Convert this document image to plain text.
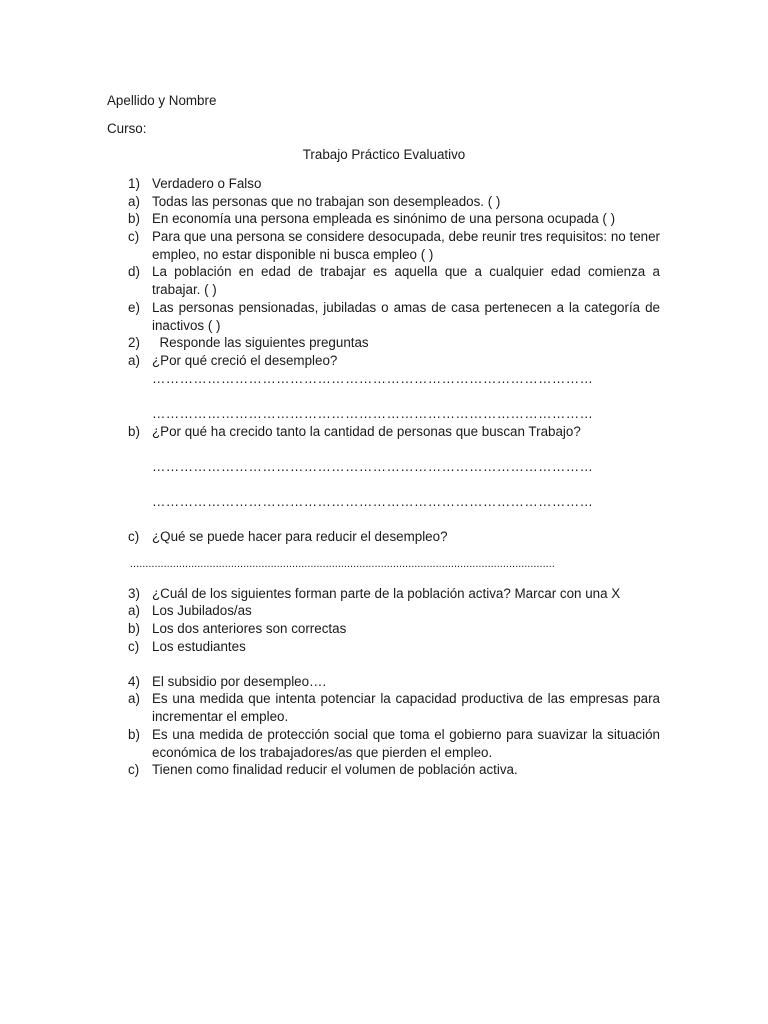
Apellido y Nombre
Curso:
Trabajo Práctico Evaluativo
1) Verdadero o Falso
a) Todas las personas que no trabajan son desempleados. ( )
b) En economía una persona empleada es sinónimo de una persona ocupada ( )
c) Para que una persona se considere desocupada, debe reunir tres requisitos: no tener empleo, no estar disponible ni busca empleo ( )
d) La población en edad de trabajar es aquella que a cualquier edad comienza a trabajar. ( )
e) Las personas pensionadas, jubiladas o amas de casa pertenecen a la categoría de inactivos ( )
2) Responde las siguientes preguntas
a) ¿Por qué creció el desempleo?
……………………………………………………………………………………
……………………………………………………………………………………
b) ¿Por qué ha crecido tanto la cantidad de personas que buscan Trabajo?
……………………………………………………………………………………
……………………………………………………………………………………
c) ¿Qué se puede hacer para reducir el desempleo?
...........................................................................................................................................
3) ¿Cuál de los siguientes forman parte de la población activa? Marcar con una X
a) Los Jubilados/as
b) Los dos anteriores son correctas
c) Los estudiantes
4) El subsidio por desempleo….
a) Es una medida que intenta potenciar la capacidad productiva de las empresas para incrementar el empleo.
b) Es una medida de protección social que toma el gobierno para suavizar la situación económica de los trabajadores/as que pierden el empleo.
c) Tienen como finalidad reducir el volumen de población activa.
